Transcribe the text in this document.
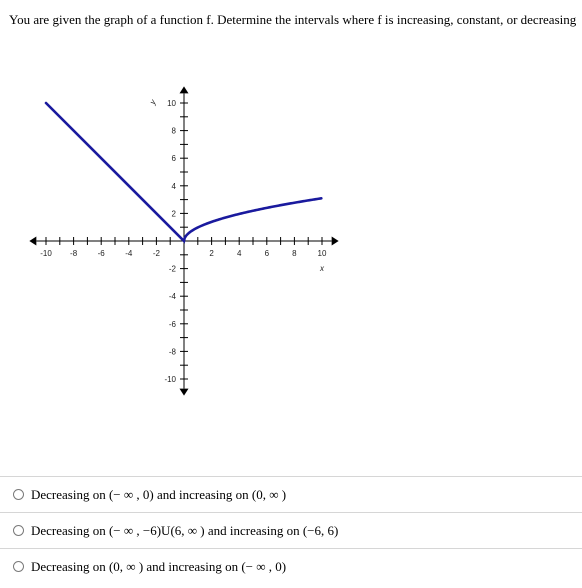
You are given the graph of a function f. Determine the intervals where f is increasing, constant, or decreasing
-10 -8	-6	-4	-2	2	4	6	8	10
10
8
6
4
2
-2
-4
-6
-8
-10
x
y
Decreasing on (− ∞ , 0) and increasing on (0, ∞ )
Decreasing on (− ∞ , −6)U(6, ∞ ) and increasing on (−6, 6)
Decreasing on (0, ∞ ) and increasing on (− ∞ , 0)
